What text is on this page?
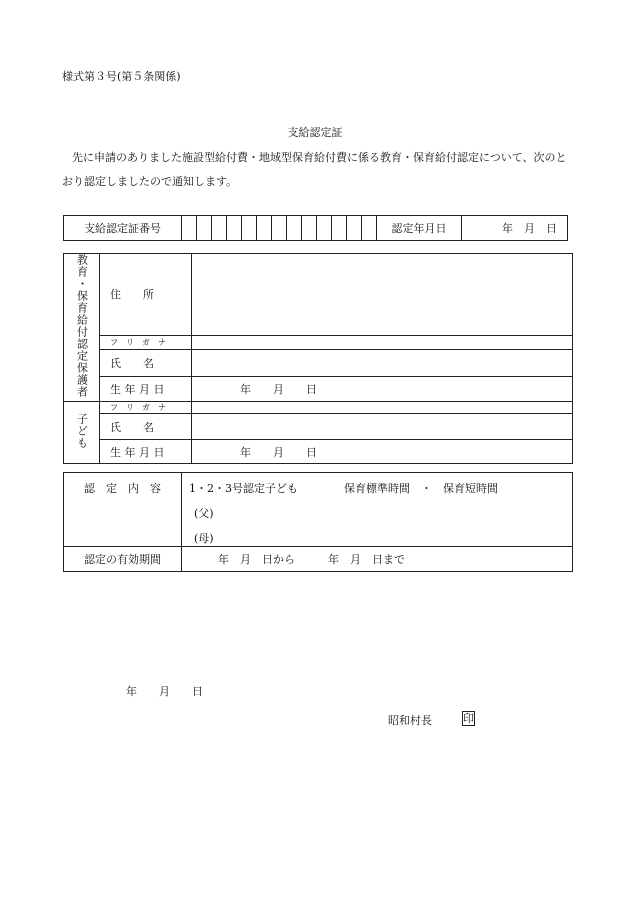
様式第３号(第５条関係)
支給認定証
先に申請のありました施設型給付費・地域型保育給付費に係る教育・保育給付認定について、次のと
おり認定しましたので通知します。
支給認定証番号														認定年月日	年　月　日
教育・保育給付認定保護者	住　　所	
	フ　リ　ガ　ナ	
	氏　　名	
	生 年 月 日	年　　月　　日
子ども	フ　リ　ガ　ナ	
	氏　　名	
	生 年 月 日	年　　月　　日
認　定　内　容	1・2・3号認定子ども 保育標準時間　・　保育短時間
(父)
(母)

認定の有効期間	年　月　日から　　　年　月　日まで
年　　月　　日
昭和村長	印
